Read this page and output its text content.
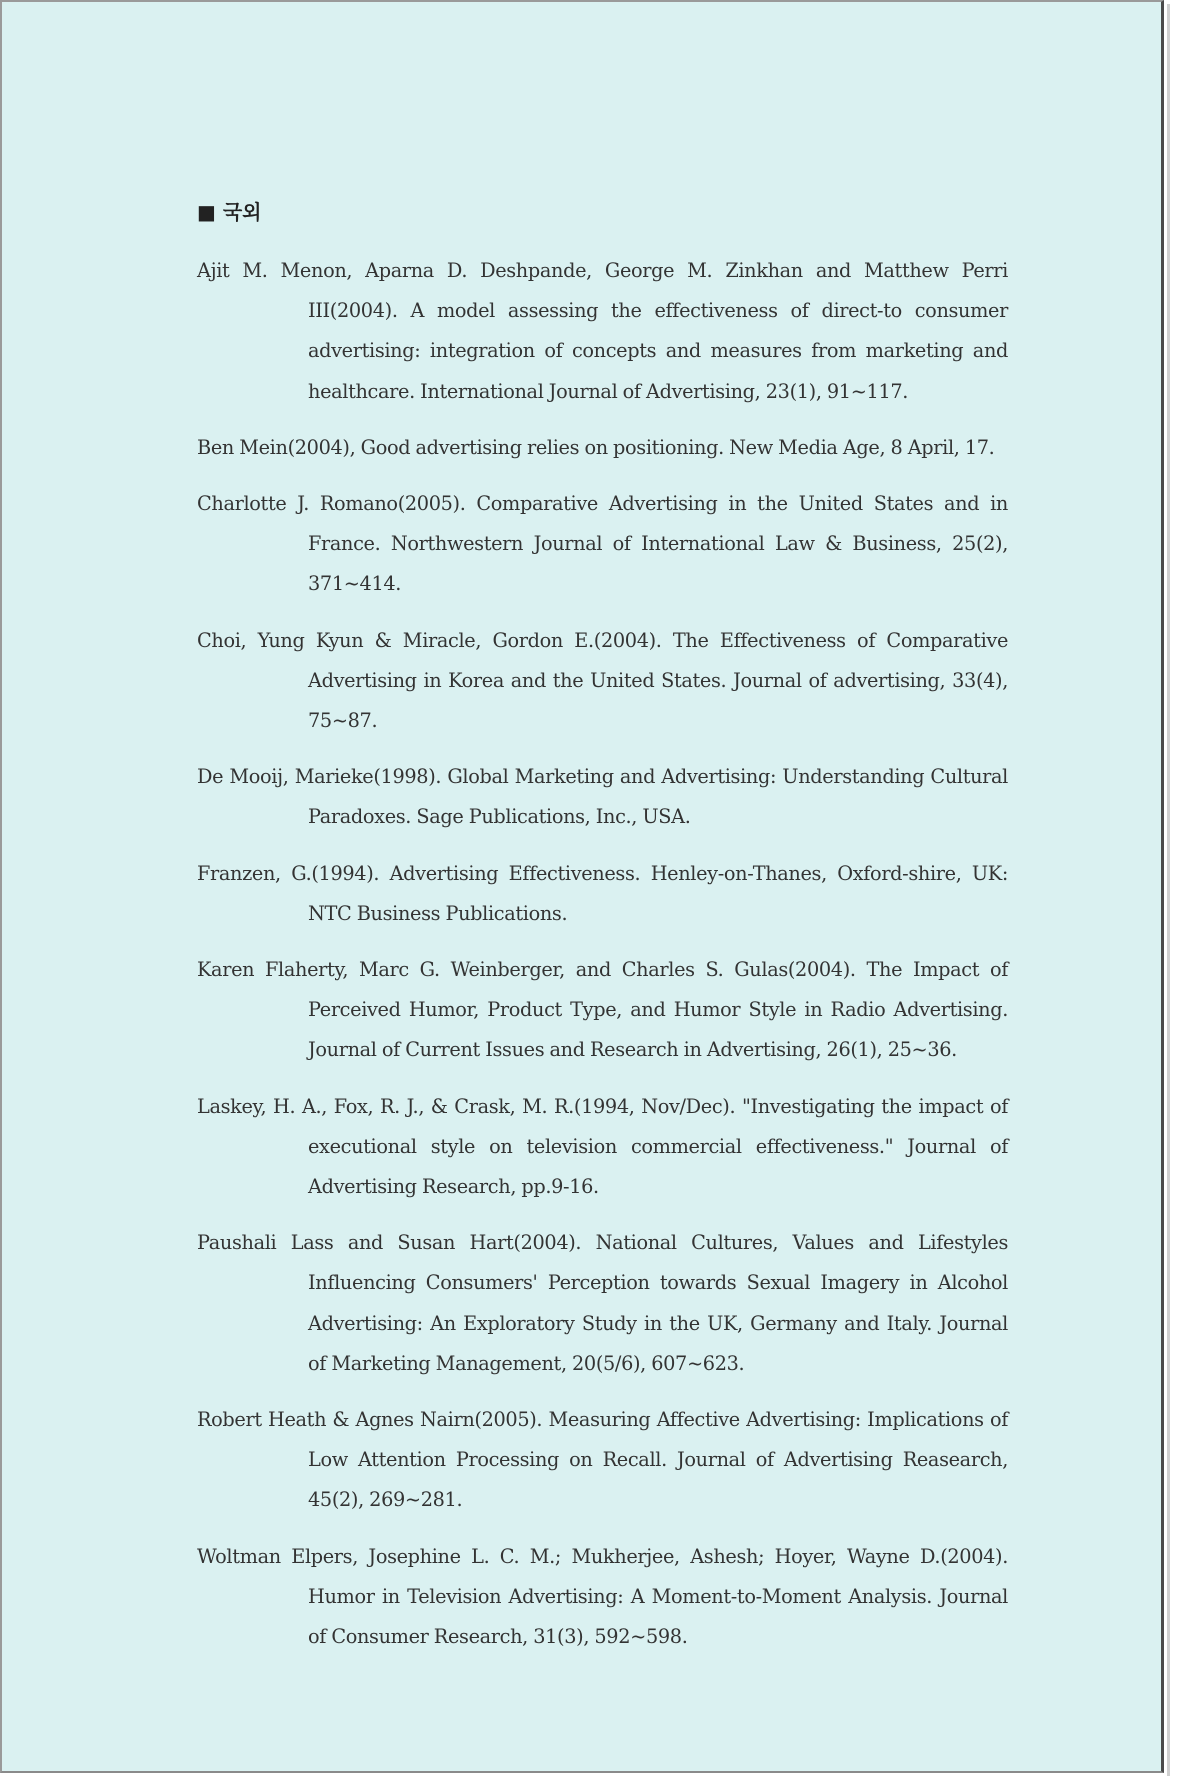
■ 국외
Ajit M. Menon, Aparna D. Deshpande, George M. Zinkhan and Matthew Perri III(2004). A model assessing the effectiveness of direct-to consumer advertising: integration of concepts and measures from marketing and healthcare. International Journal of Advertising, 23(1), 91~117.
Ben Mein(2004), Good advertising relies on positioning. New Media Age, 8 April, 17.
Charlotte J. Romano(2005). Comparative Advertising in the United States and in France. Northwestern Journal of International Law & Business, 25(2), 371~414.
Choi, Yung Kyun & Miracle, Gordon E.(2004). The Effectiveness of Comparative Advertising in Korea and the United States. Journal of advertising, 33(4), 75~87.
De Mooij, Marieke(1998). Global Marketing and Advertising: Understanding Cultural Paradoxes. Sage Publications, Inc., USA.
Franzen, G.(1994). Advertising Effectiveness. Henley-on-Thanes, Oxford-shire, UK: NTC Business Publications.
Karen Flaherty, Marc G. Weinberger, and Charles S. Gulas(2004). The Impact of Perceived Humor, Product Type, and Humor Style in Radio Advertising. Journal of Current Issues and Research in Advertising, 26(1), 25~36.
Laskey, H. A., Fox, R. J., & Crask, M. R.(1994, Nov/Dec). "Investigating the impact of executional style on television commercial effectiveness." Journal of Advertising Research, pp.9-16.
Paushali Lass and Susan Hart(2004). National Cultures, Values and Lifestyles Influencing Consumers' Perception towards Sexual Imagery in Alcohol Advertising: An Exploratory Study in the UK, Germany and Italy. Journal of Marketing Management, 20(5/6), 607~623.
Robert Heath & Agnes Nairn(2005). Measuring Affective Advertising: Implications of Low Attention Processing on Recall. Journal of Advertising Reasearch, 45(2), 269~281.
Woltman Elpers, Josephine L. C. M.; Mukherjee, Ashesh; Hoyer, Wayne D.(2004). Humor in Television Advertising: A Moment-to-Moment Analysis. Journal of Consumer Research, 31(3), 592~598.
